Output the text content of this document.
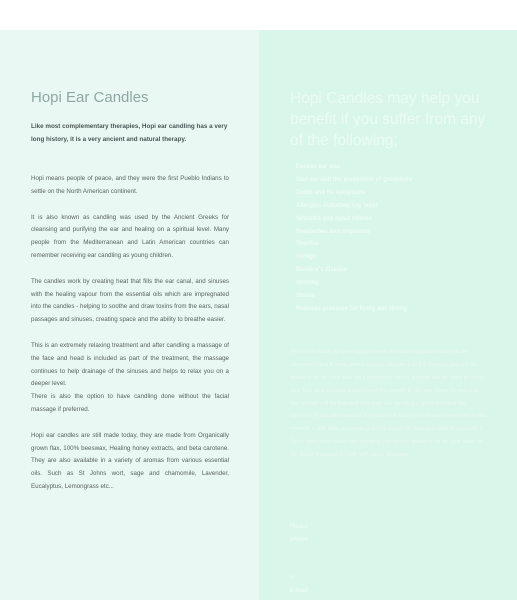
Hopi Ear Candles

Like most complementary therapies, Hopi ear candling has a very long history, it is a very ancient and natural therapy.

Hopi means people of peace, and they were the first Pueblo Indians to settle on the North American continent.

It is also known as candling was used by the Ancient Greeks for cleansing and purifying the ear and healing on a spiritual level. Many people from the Mediterranean and Latin American countries can remember receiving ear candling as young children.

The candles work by creating heat that fills the ear canal, and sinuses with the healing vapour from the essential oils which are impregnated into the candles - helping to soothe and draw toxins from the ears, nasal passages and sinuses, creating space and the ability to breathe easier.

This is an extremely relaxing treatment and after candling a massage of the face and head is included as part of the treatment, the massage continues to help drainage of the sinuses and helps to relax you on a deeper level.

There is also the option to have candling done without the facial massage if preferred.

Hopi ear candles are still made today, they are made from Organically grown flax, 100% beeswax, Healing honey extracts, and beta carotene. They are also available in a variety of aromas from various essential oils. Such as St Johns wort, sage and chamomile, Lavender, Eucalyptus, Lemongrass etc...

Hopi Candles may help you benefit if you suffer from any of the following;
Excess ear wax
Glut ear and the prevention of grommets
Colds and flu symptoms
Allergies including hay fever
Sinusitis and nasal rhinitis
Headaches and migraines
Tinnitus
Vertigo
Meniere's disease
Snoring
Stress
Reduces pressure for flying and diving

When you arrive for your appointment a medical questionnaire will be completed and if there are no contraindications to the therapy you will be asked to lie on your side on a treatment couch. A towel will be used to cover your hair and a guard around over the candle to the ear closer to your ear. The candle will be inserted into your ear creating a good feel and the candlelit. It can take around 10 minutes to burn in each ear(sometimes a little more or a little less, depending on the health of your ears and sinuses etc.). Once both sides have had candling you will be asked to lie on your back for the facial massage to help with sinus drainage.

Please
phone
or
E-mail
